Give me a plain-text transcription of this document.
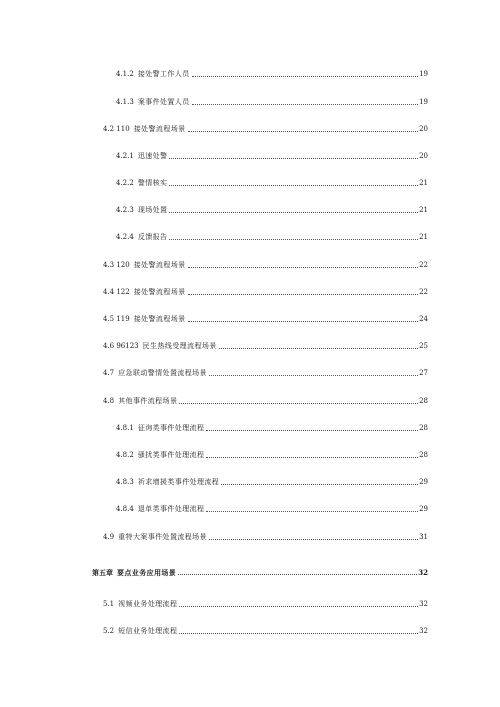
4.1.2 接处警工作人员	19
4.1.3 案事件处置人员	19
4.2 110 接处警流程场景	20
4.2.1 迅速处警	20
4.2.2 警情核实	21
4.2.3 现场处置	21
4.2.4 反馈报告	21
4.3 120 接处警流程场景	22
4.4 122 接处警流程场景	22
4.5 119 接处警流程场景	24
4.6 96123 民生热线受理流程场景	25
4.7 应急联动警情处置流程场景	27
4.8 其他事件流程场景	28
4.8.1 征询类事件处理流程	28
4.8.2 骚扰类事件处理流程	28
4.8.3 祈求增援类事件处理流程	29
4.8.4 退单类事件处理流程	29
4.9 重特大案事件处置流程场景	31
第五章 要点业务应用场景	32
5.1 视频业务处理流程	32
5.2 短信业务处理流程	32
